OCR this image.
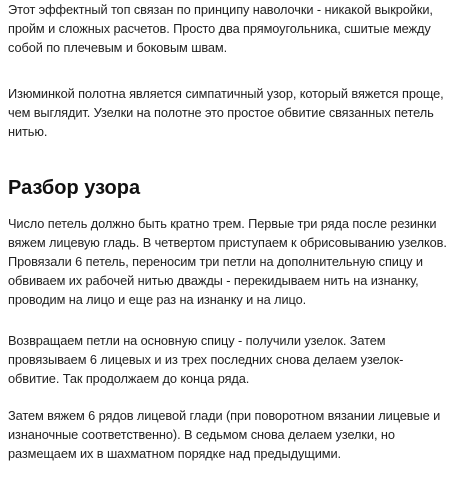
Этот эффектный топ связан по принципу наволочки - никакой выкройки, пройм и сложных расчетов. Просто два прямоугольника, сшитые между собой по плечевым и боковым швам.

Изюминкой полотна является симпатичный узор, который вяжется проще, чем выглядит. Узелки на полотне это простое обвитие связанных петель нитью.

Разбор узора

Число петель должно быть кратно трем. Первые три ряда после резинки вяжем лицевую гладь. В четвертом приступаем к обрисовыванию узелков. Провязали 6 петель, переносим три петли на дополнительную спицу и обвиваем их рабочей нитью дважды - перекидываем нить на изнанку, проводим на лицо и еще раз на изнанку и на лицо.

Возвращаем петли на основную спицу - получили узелок. Затем провязываем 6 лицевых и из трех последних снова делаем узелок-обвитие. Так продолжаем до конца ряда.

Затем вяжем 6 рядов лицевой глади (при поворотном вязании лицевые и изнаночные соответственно). В седьмом снова делаем узелки, но размещаем их в шахматном порядке над предыдущими.
